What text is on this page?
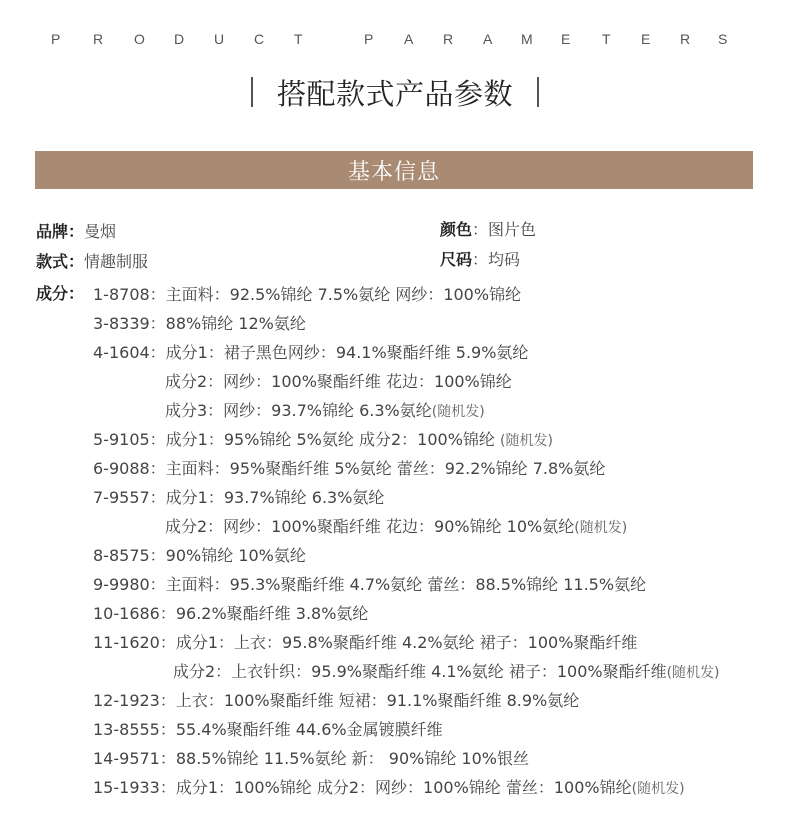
P R O D U C T	P A R A M E T E R S
搭配款式产品参数
基本信息
品牌：曼烟	颜色：图片色
款式：情趣制服	尺码：均码
成分： 1-8708：主面料：92.5%锦纶 7.5%氨纶 网纱：100%锦纶
3-8339：88%锦纶 12%氨纶
4-1604：成分1：裙子黑色网纱：94.1%聚酯纤维 5.9%氨纶
成分2：网纱：100%聚酯纤维 花边：100%锦纶
成分3：网纱：93.7%锦纶 6.3%氨纶(随机发)
5-9105：成分1：95%锦纶 5%氨纶 成分2：100%锦纶 (随机发)
6-9088：主面料：95%聚酯纤维 5%氨纶 蕾丝：92.2%锦纶 7.8%氨纶
7-9557：成分1：93.7%锦纶 6.3%氨纶
成分2：网纱：100%聚酯纤维 花边：90%锦纶 10%氨纶(随机发)
8-8575：90%锦纶 10%氨纶
9-9980：主面料：95.3%聚酯纤维 4.7%氨纶 蕾丝：88.5%锦纶 11.5%氨纶
10-1686：96.2%聚酯纤维 3.8%氨纶
11-1620：成分1：上衣：95.8%聚酯纤维 4.2%氨纶 裙子：100%聚酯纤维
成分2：上衣针织：95.9%聚酯纤维 4.1%氨纶 裙子：100%聚酯纤维(随机发)
12-1923：上衣：100%聚酯纤维 短裙：91.1%聚酯纤维 8.9%氨纶
13-8555：55.4%聚酯纤维 44.6%金属镀膜纤维
14-9571：88.5%锦纶 11.5%氨纶 新： 90%锦纶 10%银丝
15-1933：成分1：100%锦纶 成分2：网纱：100%锦纶 蕾丝：100%锦纶(随机发)
